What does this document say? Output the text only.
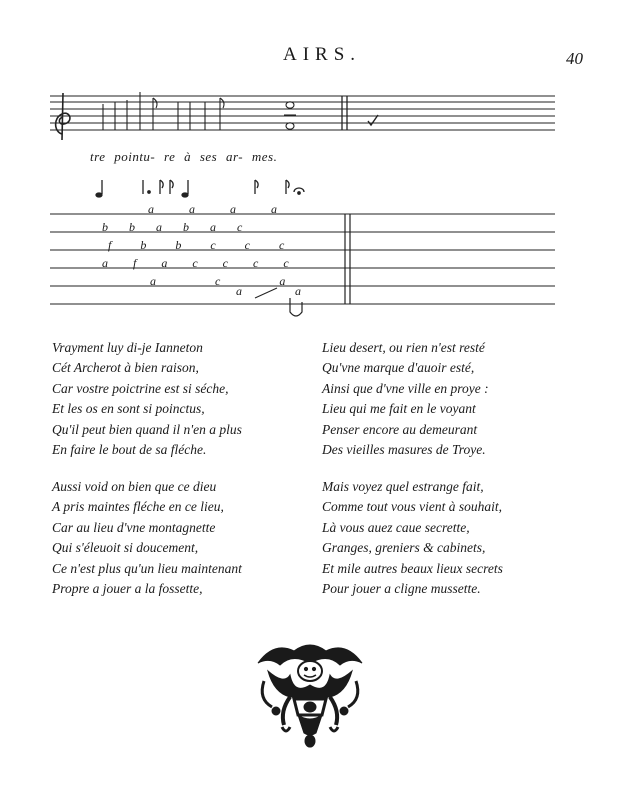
AIRS.	40
tre pointu- re à ses ar- mes.
a a a a
b b a b a c
f b b c c c
a f a c c c c
a c a
a a
Vrayment luy di-je Ianneton
Cét Archerot à bien raison,
Car vostre poictrine est si séche,
Et les os en sont si poinctus,
Qu'il peut bien quand il n'en a plus
En faire le bout de sa fléche.
Aussi void on bien que ce dieu
A pris maintes fléche en ce lieu,
Car au lieu d'vne montagnette
Qui s'éleuoit si doucement,
Ce n'est plus qu'un lieu maintenant
Propre a jouer a la fossette,
Lieu desert, ou rien n'est resté
Qu'vne marque d'auoir esté,
Ainsi que d'vne ville en proye :
Lieu qui me fait en le voyant
Penser encore au demeurant
Des vieilles masures de Troye.
Mais voyez quel estrange fait,
Comme tout vous vient à souhait,
Là vous auez caue secrette,
Granges, greniers & cabinets,
Et mile autres beaux lieux secrets
Pour jouer a cligne mussette.
